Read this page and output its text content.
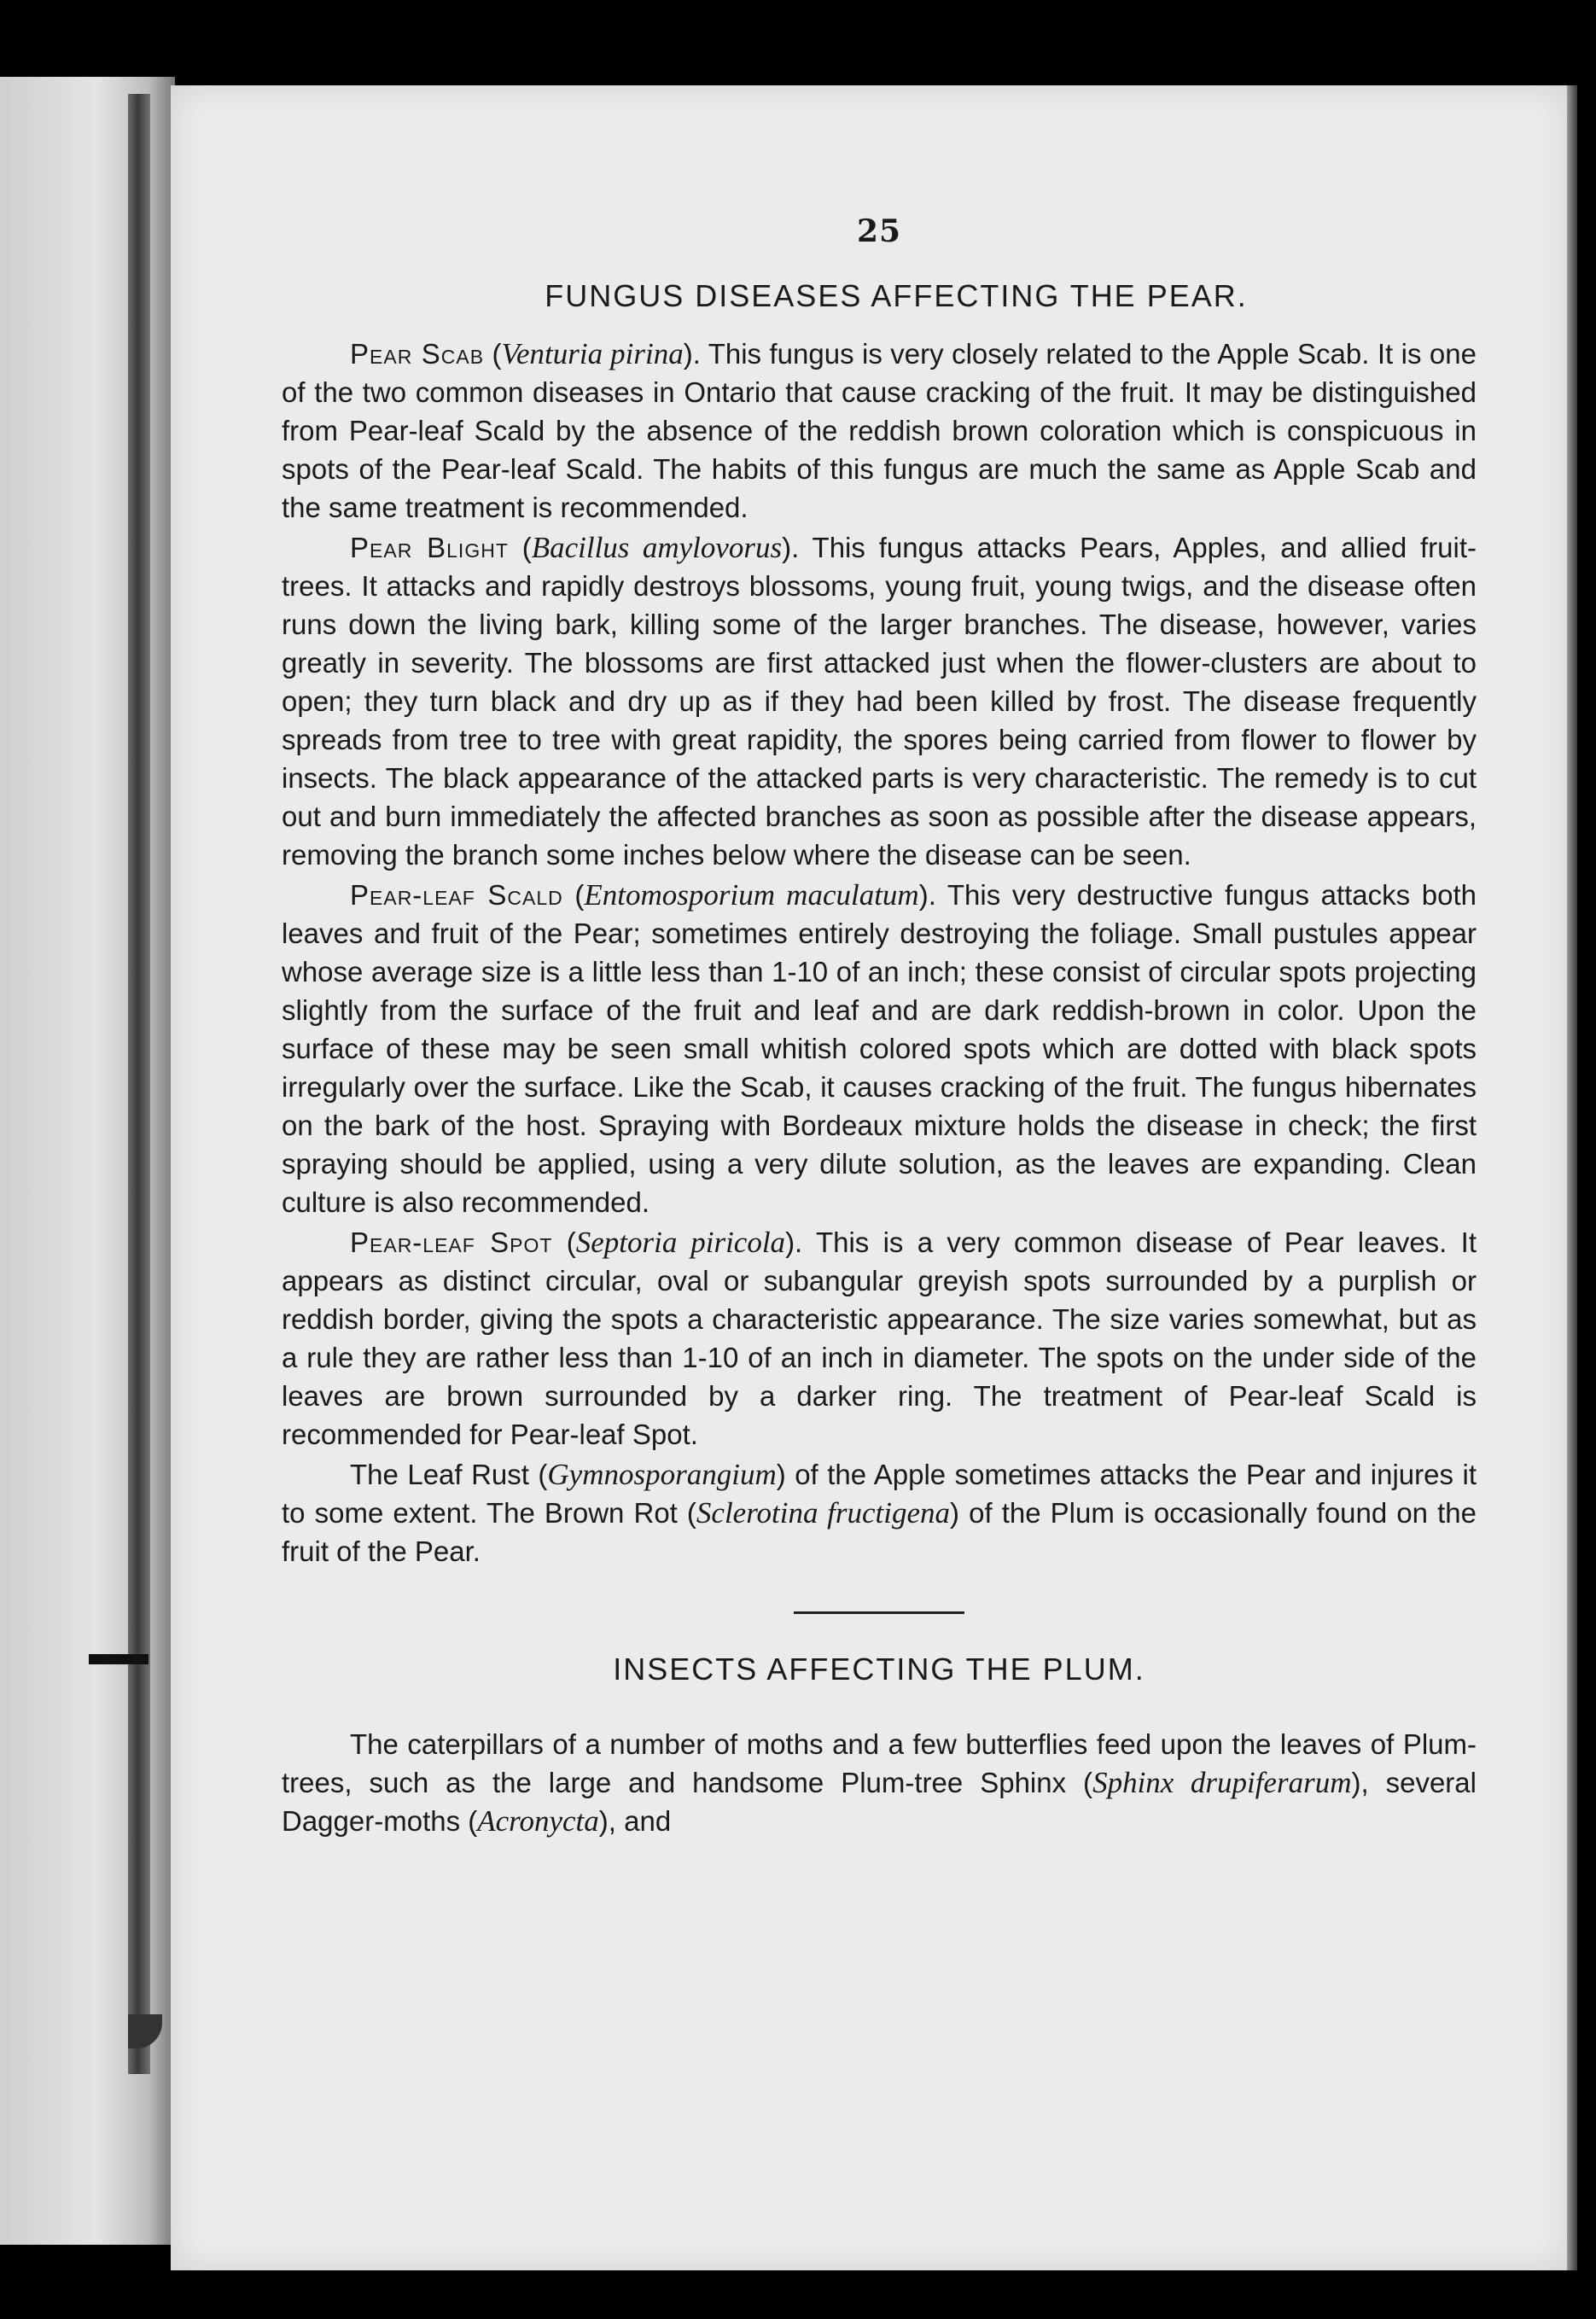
25
FUNGUS DISEASES AFFECTING THE PEAR.

Pear Scab (Venturia pirina). This fungus is very closely related to the Apple Scab. It is one of the two common diseases in Ontario that cause cracking of the fruit. It may be distinguished from Pear-leaf Scald by the absence of the reddish brown coloration which is conspicuous in spots of the Pear-leaf Scald. The habits of this fungus are much the same as Apple Scab and the same treatment is recommended.

Pear Blight (Bacillus amylovorus). This fungus attacks Pears, Apples, and allied fruit-trees. It attacks and rapidly destroys blossoms, young fruit, young twigs, and the disease often runs down the living bark, killing some of the larger branches. The disease, however, varies greatly in severity. The blossoms are first attacked just when the flower-clusters are about to open; they turn black and dry up as if they had been killed by frost. The disease frequently spreads from tree to tree with great rapidity, the spores being carried from flower to flower by insects. The black appearance of the attacked parts is very characteristic. The remedy is to cut out and burn immediately the affected branches as soon as possible after the disease appears, removing the branch some inches below where the disease can be seen.

Pear-leaf Scald (Entomosporium maculatum). This very destructive fungus attacks both leaves and fruit of the Pear; sometimes entirely destroying the foliage. Small pustules appear whose average size is a little less than 1-10 of an inch; these consist of circular spots projecting slightly from the surface of the fruit and leaf and are dark reddish-brown in color. Upon the surface of these may be seen small whitish colored spots which are dotted with black spots irregularly over the surface. Like the Scab, it causes cracking of the fruit. The fungus hibernates on the bark of the host. Spraying with Bordeaux mixture holds the disease in check; the first spraying should be applied, using a very dilute solution, as the leaves are expanding. Clean culture is also recommended.

Pear-leaf Spot (Septoria piricola). This is a very common disease of Pear leaves. It appears as distinct circular, oval or subangular greyish spots surrounded by a purplish or reddish border, giving the spots a characteristic appearance. The size varies somewhat, but as a rule they are rather less than 1-10 of an inch in diameter. The spots on the under side of the leaves are brown surrounded by a darker ring. The treatment of Pear-leaf Scald is recommended for Pear-leaf Spot.

The Leaf Rust (Gymnosporangium) of the Apple sometimes attacks the Pear and injures it to some extent. The Brown Rot (Sclerotina fructigena) of the Plum is occasionally found on the fruit of the Pear.

INSECTS AFFECTING THE PLUM.

The caterpillars of a number of moths and a few butterflies feed upon the leaves of Plum-trees, such as the large and handsome Plum-tree Sphinx (Sphinx drupiferarum), several Dagger-moths (Acronycta), and
